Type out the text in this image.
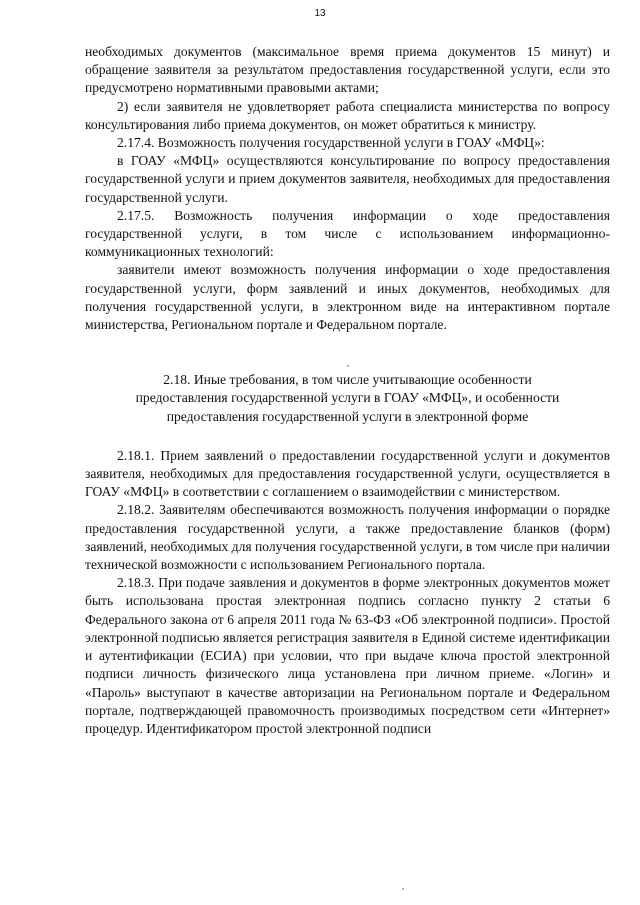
13

необходимых документов (максимальное время приема документов 15 минут) и обращение заявителя за результатом предоставления государственной услуги, если это предусмотрено нормативными правовыми актами;

2) если заявителя не удовлетворяет работа специалиста министерства по вопросу консультирования либо приема документов, он может обратиться к министру.

2.17.4. Возможность получения государственной услуги в ГОАУ «МФЦ»:

в ГОАУ «МФЦ» осуществляются консультирование по вопросу предоставления государственной услуги и прием документов заявителя, необходимых для предоставления государственной услуги.

2.17.5. Возможность получения информации о ходе предоставления государственной услуги, в том числе с использованием информационно-коммуникационных технологий:

заявители имеют возможность получения информации о ходе предоставления государственной услуги, форм заявлений и иных документов, необходимых для получения государственной услуги, в электронном виде на интерактивном портале министерства, Региональном портале и Федеральном портале.

2.18. Иные требования, в том числе учитывающие особенности предоставления государственной услуги в ГОАУ «МФЦ», и особенности предоставления государственной услуги в электронной форме

2.18.1. Прием заявлений о предоставлении государственной услуги и документов заявителя, необходимых для предоставления государственной услуги, осуществляется в ГОАУ «МФЦ» в соответствии с соглашением о взаимодействии с министерством.

2.18.2. Заявителям обеспечиваются возможность получения информации о порядке предоставления государственной услуги, а также предоставление бланков (форм) заявлений, необходимых для получения государственной услуги, в том числе при наличии технической возможности с использованием Регионального портала.

2.18.3. При подаче заявления и документов в форме электронных документов может быть использована простая электронная подпись согласно пункту 2 статьи 6 Федерального закона от 6 апреля 2011 года № 63-ФЗ «Об электронной подписи». Простой электронной подписью является регистрация заявителя в Единой системе идентификации и аутентификации (ЕСИА) при условии, что при выдаче ключа простой электронной подписи личность физического лица установлена при личном приеме. «Логин» и «Пароль» выступают в качестве авторизации на Региональном портале и Федеральном портале, подтверждающей правомочность производимых посредством сети «Интернет» процедур. Идентификатором простой электронной подписи
